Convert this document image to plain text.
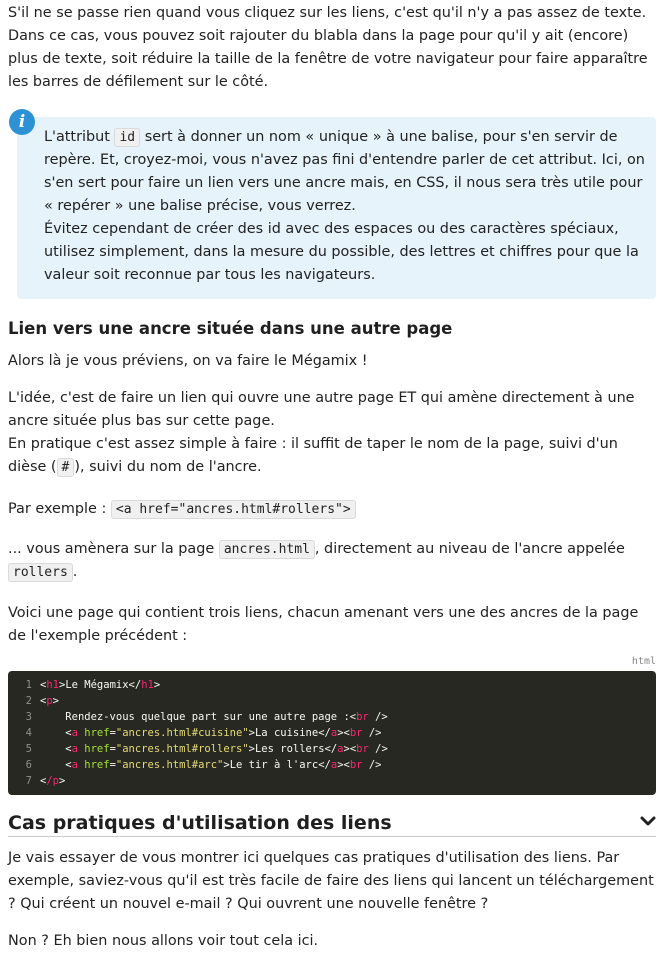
S'il ne se passe rien quand vous cliquez sur les liens, c'est qu'il n'y a pas assez de texte. Dans ce cas, vous pouvez soit rajouter du blabla dans la page pour qu'il y ait (encore) plus de texte, soit réduire la taille de la fenêtre de votre navigateur pour faire apparaître les barres de défilement sur le côté.

L'attribut id sert à donner un nom « unique » à une balise, pour s'en servir de repère. Et, croyez-moi, vous n'avez pas fini d'entendre parler de cet attribut. Ici, on s'en sert pour faire un lien vers une ancre mais, en CSS, il nous sera très utile pour « repérer » une balise précise, vous verrez.

Évitez cependant de créer des id avec des espaces ou des caractères spéciaux, utilisez simplement, dans la mesure du possible, des lettres et chiffres pour que la valeur soit reconnue par tous les navigateurs.

i
Lien vers une ancre située dans une autre page

Alors là je vous préviens, on va faire le Mégamix !

L'idée, c'est de faire un lien qui ouvre une autre page ET qui amène directement à une ancre située plus bas sur cette page.

En pratique c'est assez simple à faire : il suffit de taper le nom de la page, suivi d'un dièse ( # ), suivi du nom de l'ancre.

Par exemple : <a href="ancres.html#rollers">

... vous amènera sur la page ancres.html , directement au niveau de l'ancre appelée rollers .

Voici une page qui contient trois liens, chacun amenant vers une des ancres de la page de l'exemple précédent :

html
1 <h1>Le Mégamix</h1>
2 <p>
3	Rendez-vous quelque part sur une autre page :<br />
4    <a href="ancres.html#cuisine">La cuisine</a><br />
5    <a href="ancres.html#rollers">Les rollers</a><br />
6    <a href="ancres.html#arc">Le tir à l'arc</a><br />
7 </p>
Cas pratiques d'utilisation des liens

Je vais essayer de vous montrer ici quelques cas pratiques d'utilisation des liens. Par exemple, saviez-vous qu'il est très facile de faire des liens qui lancent un téléchargement ? Qui créent un nouvel e-mail ? Qui ouvrent une nouvelle fenêtre ?

Non ? Eh bien nous allons voir tout cela ici.
